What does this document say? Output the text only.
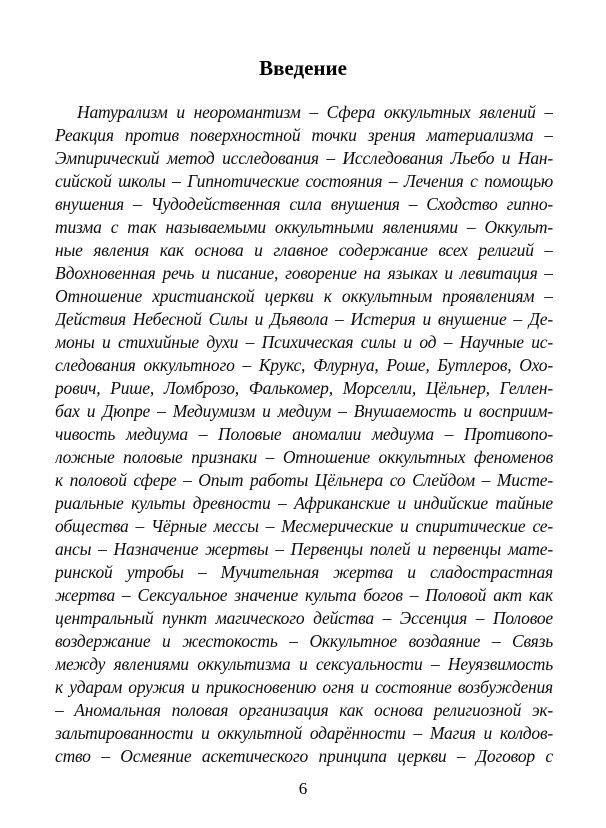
Введение
Натурализм и неоромантизм – Сфера оккультных явлений –
Реакция против поверхностной точки зрения материализма –
Эмпирический метод исследования – Исследования Льебо и Нан-
сийской школы – Гипнотические состояния – Лечения с помощью
внушения – Чудодейственная сила внушения – Сходство гипно-
тизма с так называемыми оккультными явлениями – Оккульт-
ные явления как основа и главное содержание всех религий –
Вдохновенная речь и писание, говорение на языках и левитация –
Отношение христианской церкви к оккультным проявлениям –
Действия Небесной Силы и Дьявола – Истерия и внушение – Де-
моны и стихийные духи – Психическая силы и од – Научные ис-
следования оккультного – Крукс, Флурнуа, Роше, Бутлеров, Охо-
рович, Рише, Ломброзо, Фалькомер, Морселли, Цёльнер, Геллен-
бах и Дюпре – Медиумизм и медиум – Внушаемость и восприим-
чивость медиума – Половые аномалии медиума – Противопо-
ложные половые признаки – Отношение оккультных феноменов
к половой сфере – Опыт работы Цёльнера со Слейдом – Мисте-
риальные культы древности – Африканские и индийские тайные
общества – Чёрные мессы – Месмерические и спиритические се-
ансы – Назначение жертвы – Первенцы полей и первенцы мате-
ринской утробы – Мучительная жертва и сладострастная
жертва – Сексуальное значение культа богов – Половой акт как
центральный пункт магического действа – Эссенция – Половое
воздержание и жестокость – Оккультное воздаяние – Связь
между явлениями оккультизма и сексуальности – Неуязвимость
к ударам оружия и прикосновению огня и состояние возбуждения
– Аномальная половая организация как основа религиозной эк-
зальтированности и оккультной одарённости – Магия и колдов-
ство – Осмеяние аскетического принципа церкви – Договор с
6
